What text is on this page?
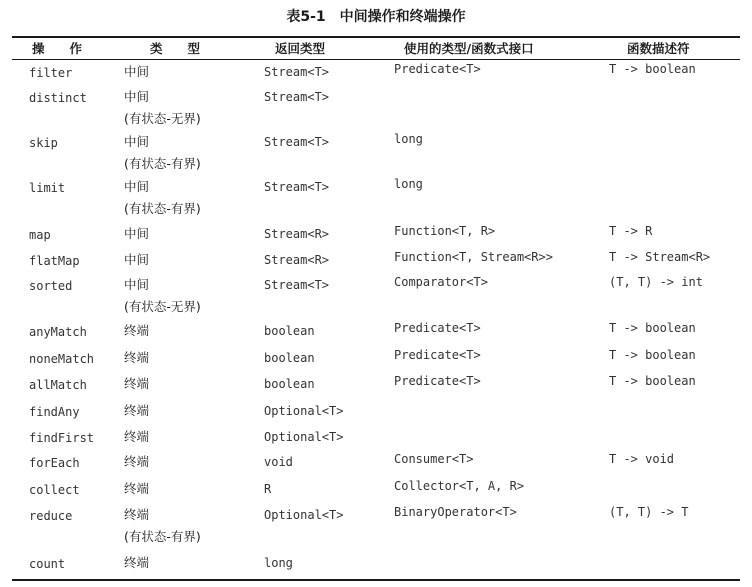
表5-1　中间操作和终端操作
操　　作	类　　型	返回类型	使用的类型/函数式接口	函数描述符
filter	中间	Stream<T>	Predicate<T>	T -> boolean
distinct	中间	Stream<T>
(有状态-无界)
skip	中间	Stream<T>	long
(有状态-有界)
limit	中间	Stream<T>	long
(有状态-有界)
map	中间	Stream<R>	Function<T, R>	T -> R
flatMap	中间	Stream<R>	Function<T, Stream<R>>	T -> Stream<R>
sorted	中间	Stream<T>	Comparator<T>	(T, T) -> int
(有状态-无界)
anyMatch	终端	boolean	Predicate<T>	T -> boolean
noneMatch 终端	boolean	Predicate<T>	T -> boolean
allMatch	终端	boolean	Predicate<T>	T -> boolean
findAny	终端	Optional<T>
findFirst 终端	Optional<T>
forEach	终端	void	Consumer<T>	T -> void
collect	终端	R	Collector<T, A, R>
reduce	终端	Optional<T>	BinaryOperator<T>	(T, T) -> T
(有状态-有界)
count	终端	long
